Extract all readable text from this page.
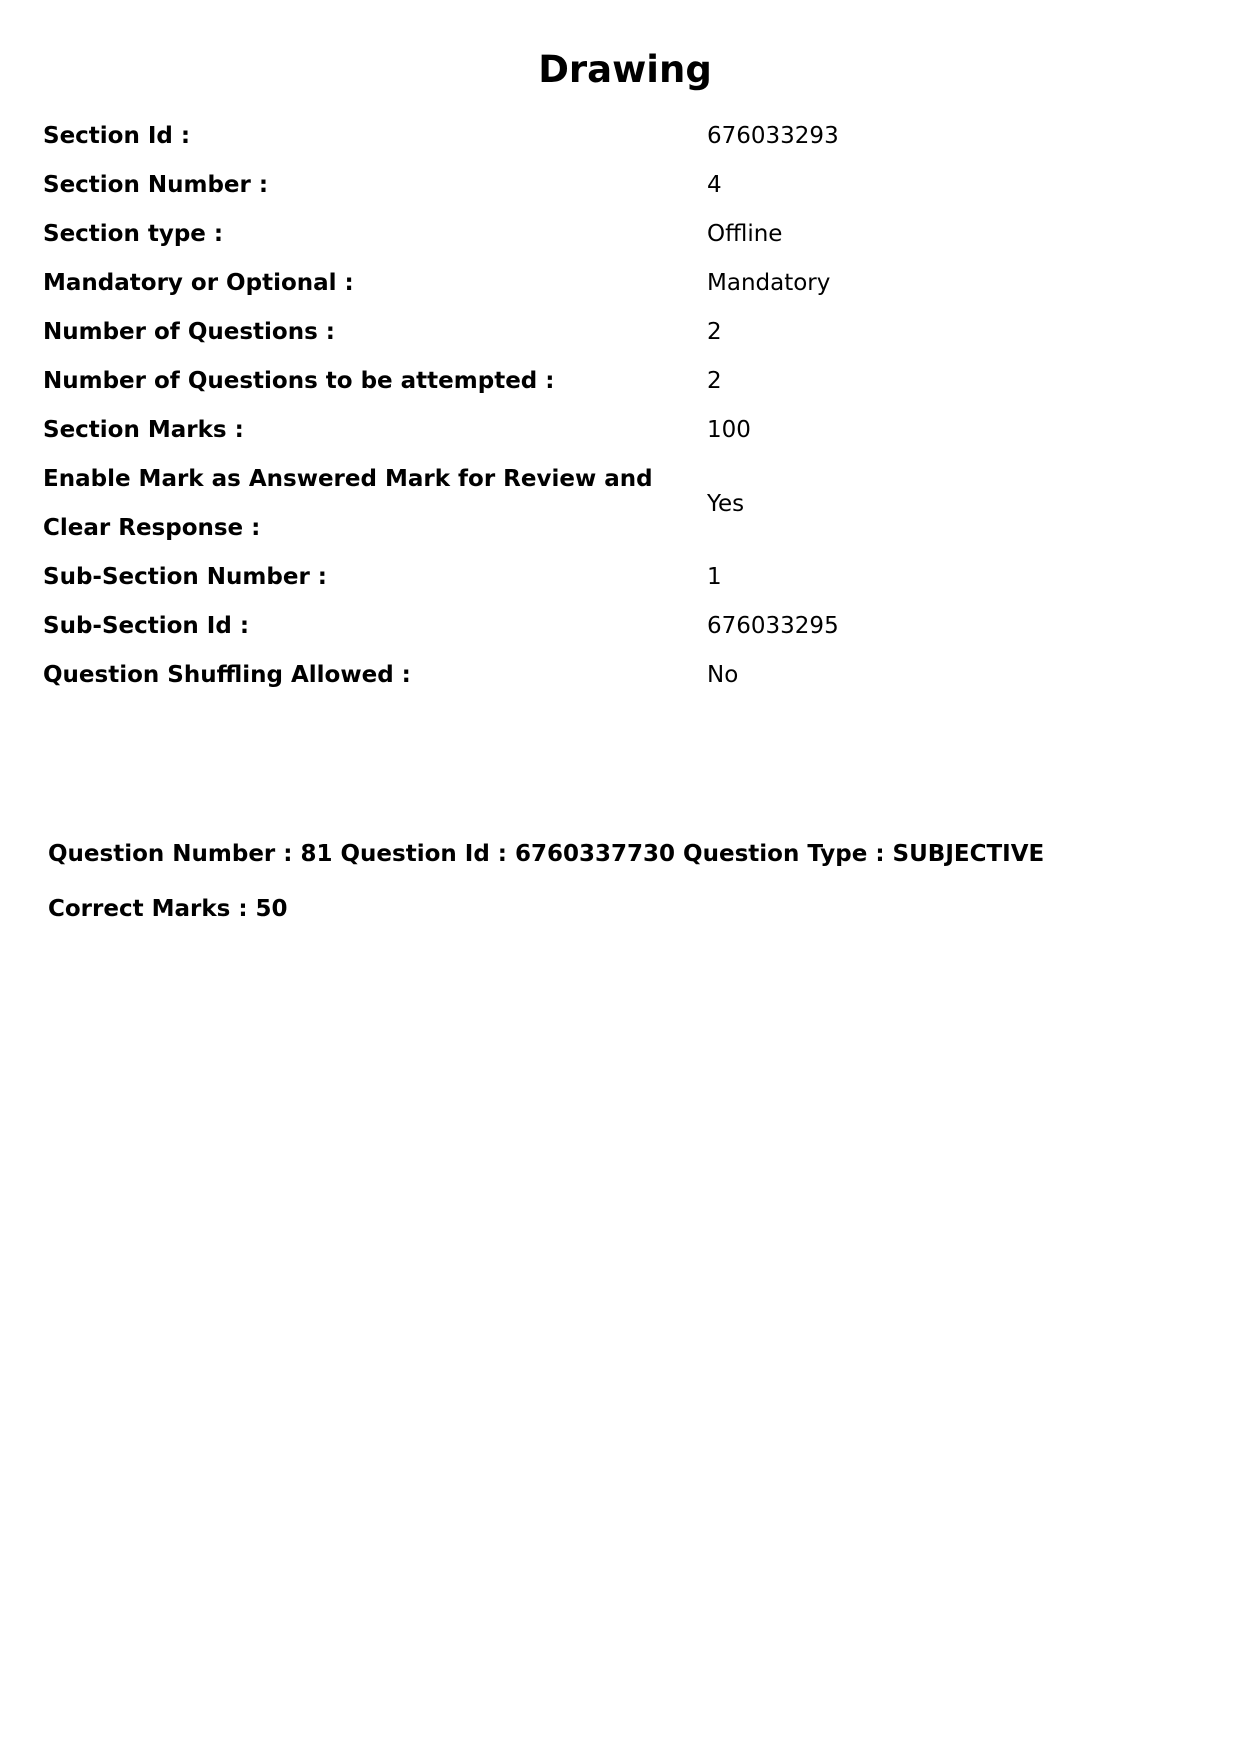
Drawing
Section Id :	676033293
Section Number :	4
Section type :	Offline
Mandatory or Optional :	Mandatory
Number of Questions :	2
Number of Questions to be attempted :	2
Section Marks :	100
Enable Mark as Answered Mark for Review and Clear Response :	Yes
Sub-Section Number :	1
Sub-Section Id :	676033295
Question Shuffling Allowed :	No

Question Number : 81 Question Id : 6760337730 Question Type : SUBJECTIVE

Correct Marks : 50
